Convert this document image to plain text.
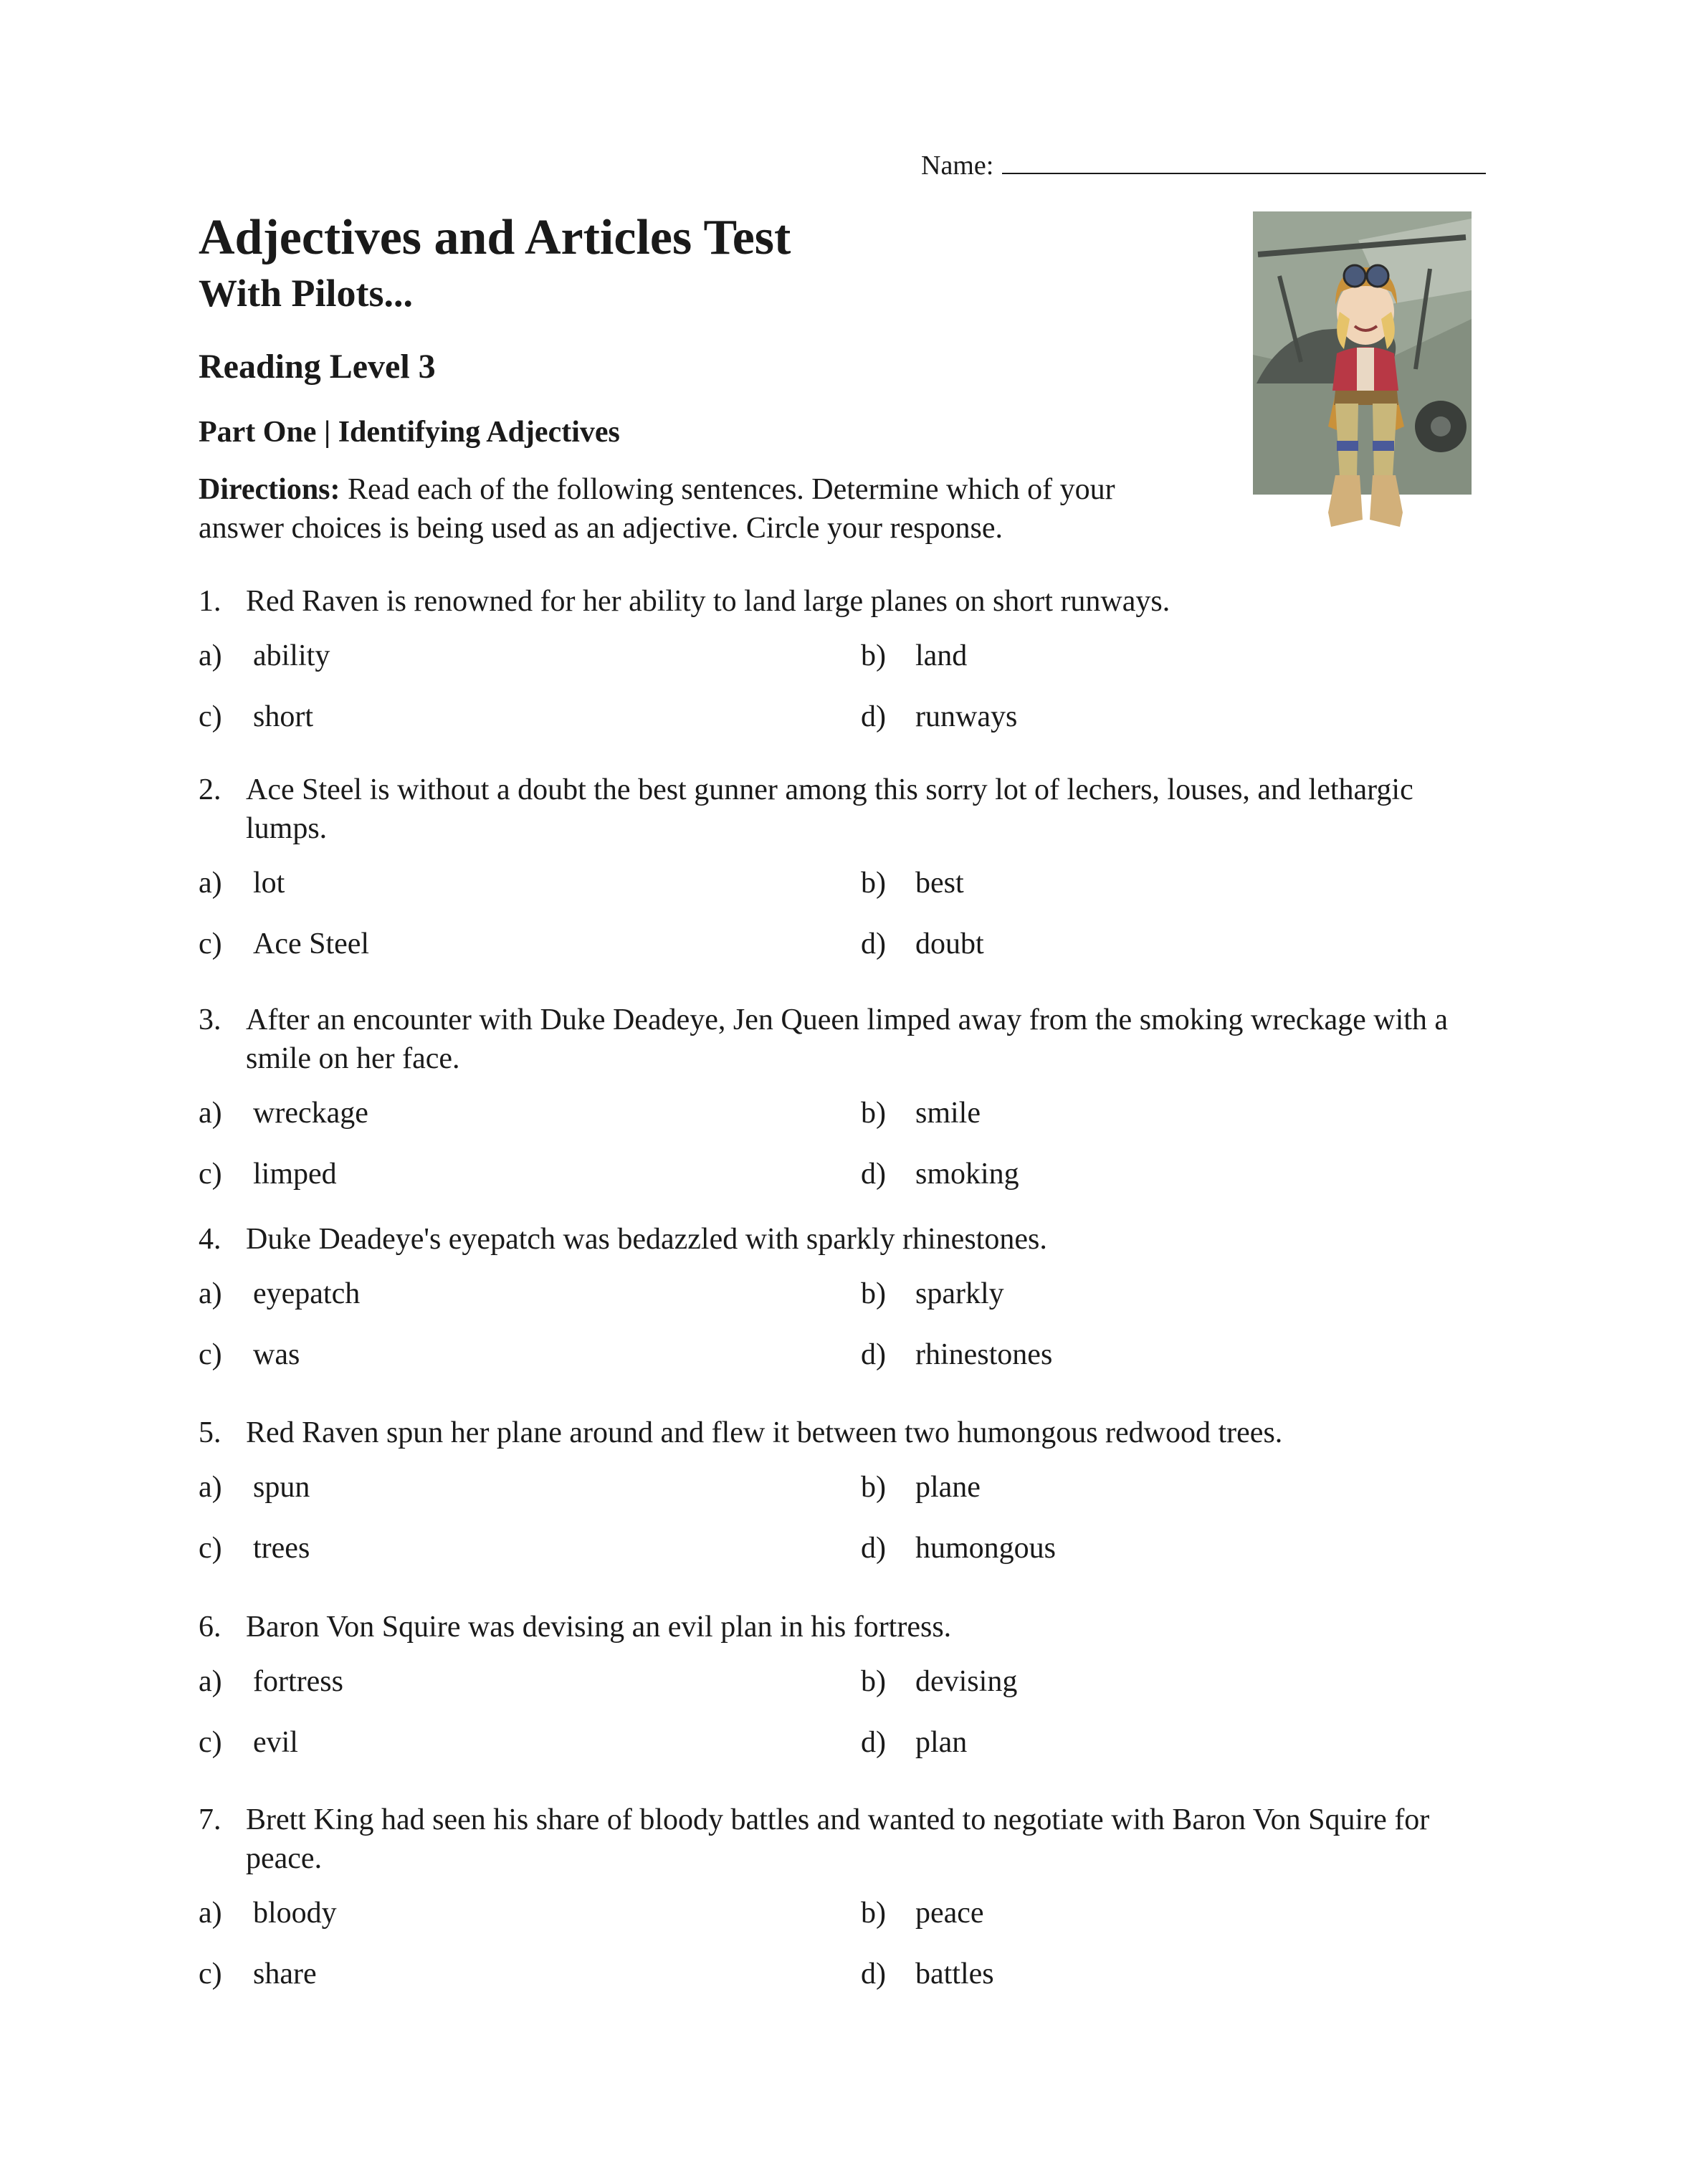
Name:
Adjectives and Articles Test
With Pilots...
Reading Level 3
Part One | Identifying Adjectives

Directions: Read each of the following sentences. Determine which of your answer choices is being used as an adjective. Circle your response.

1. Red Raven is renowned for her ability to land large planes on short runways.

a) ability	b) land
c) short	d) runways

2. Ace Steel is without a doubt the best gunner among this sorry lot of lechers, louses, and lethargic lumps.

a) lot	b) best
c) Ace Steel	d) doubt

3. After an encounter with Duke Deadeye, Jen Queen limped away from the smoking wreckage with a smile on her face.

a) wreckage	b) smile
c) limped	d) smoking

4. Duke Deadeye's eyepatch was bedazzled with sparkly rhinestones.

a) eyepatch	b) sparkly
c) was	d) rhinestones

5. Red Raven spun her plane around and flew it between two humongous redwood trees.

a) spun	b) plane
c) trees	d) humongous

6. Baron Von Squire was devising an evil plan in his fortress.

a) fortress	b) devising
c) evil	d) plan

7. Brett King had seen his share of bloody battles and wanted to negotiate with Baron Von Squire for peace.

a) bloody	b) peace
c) share	d) battles
